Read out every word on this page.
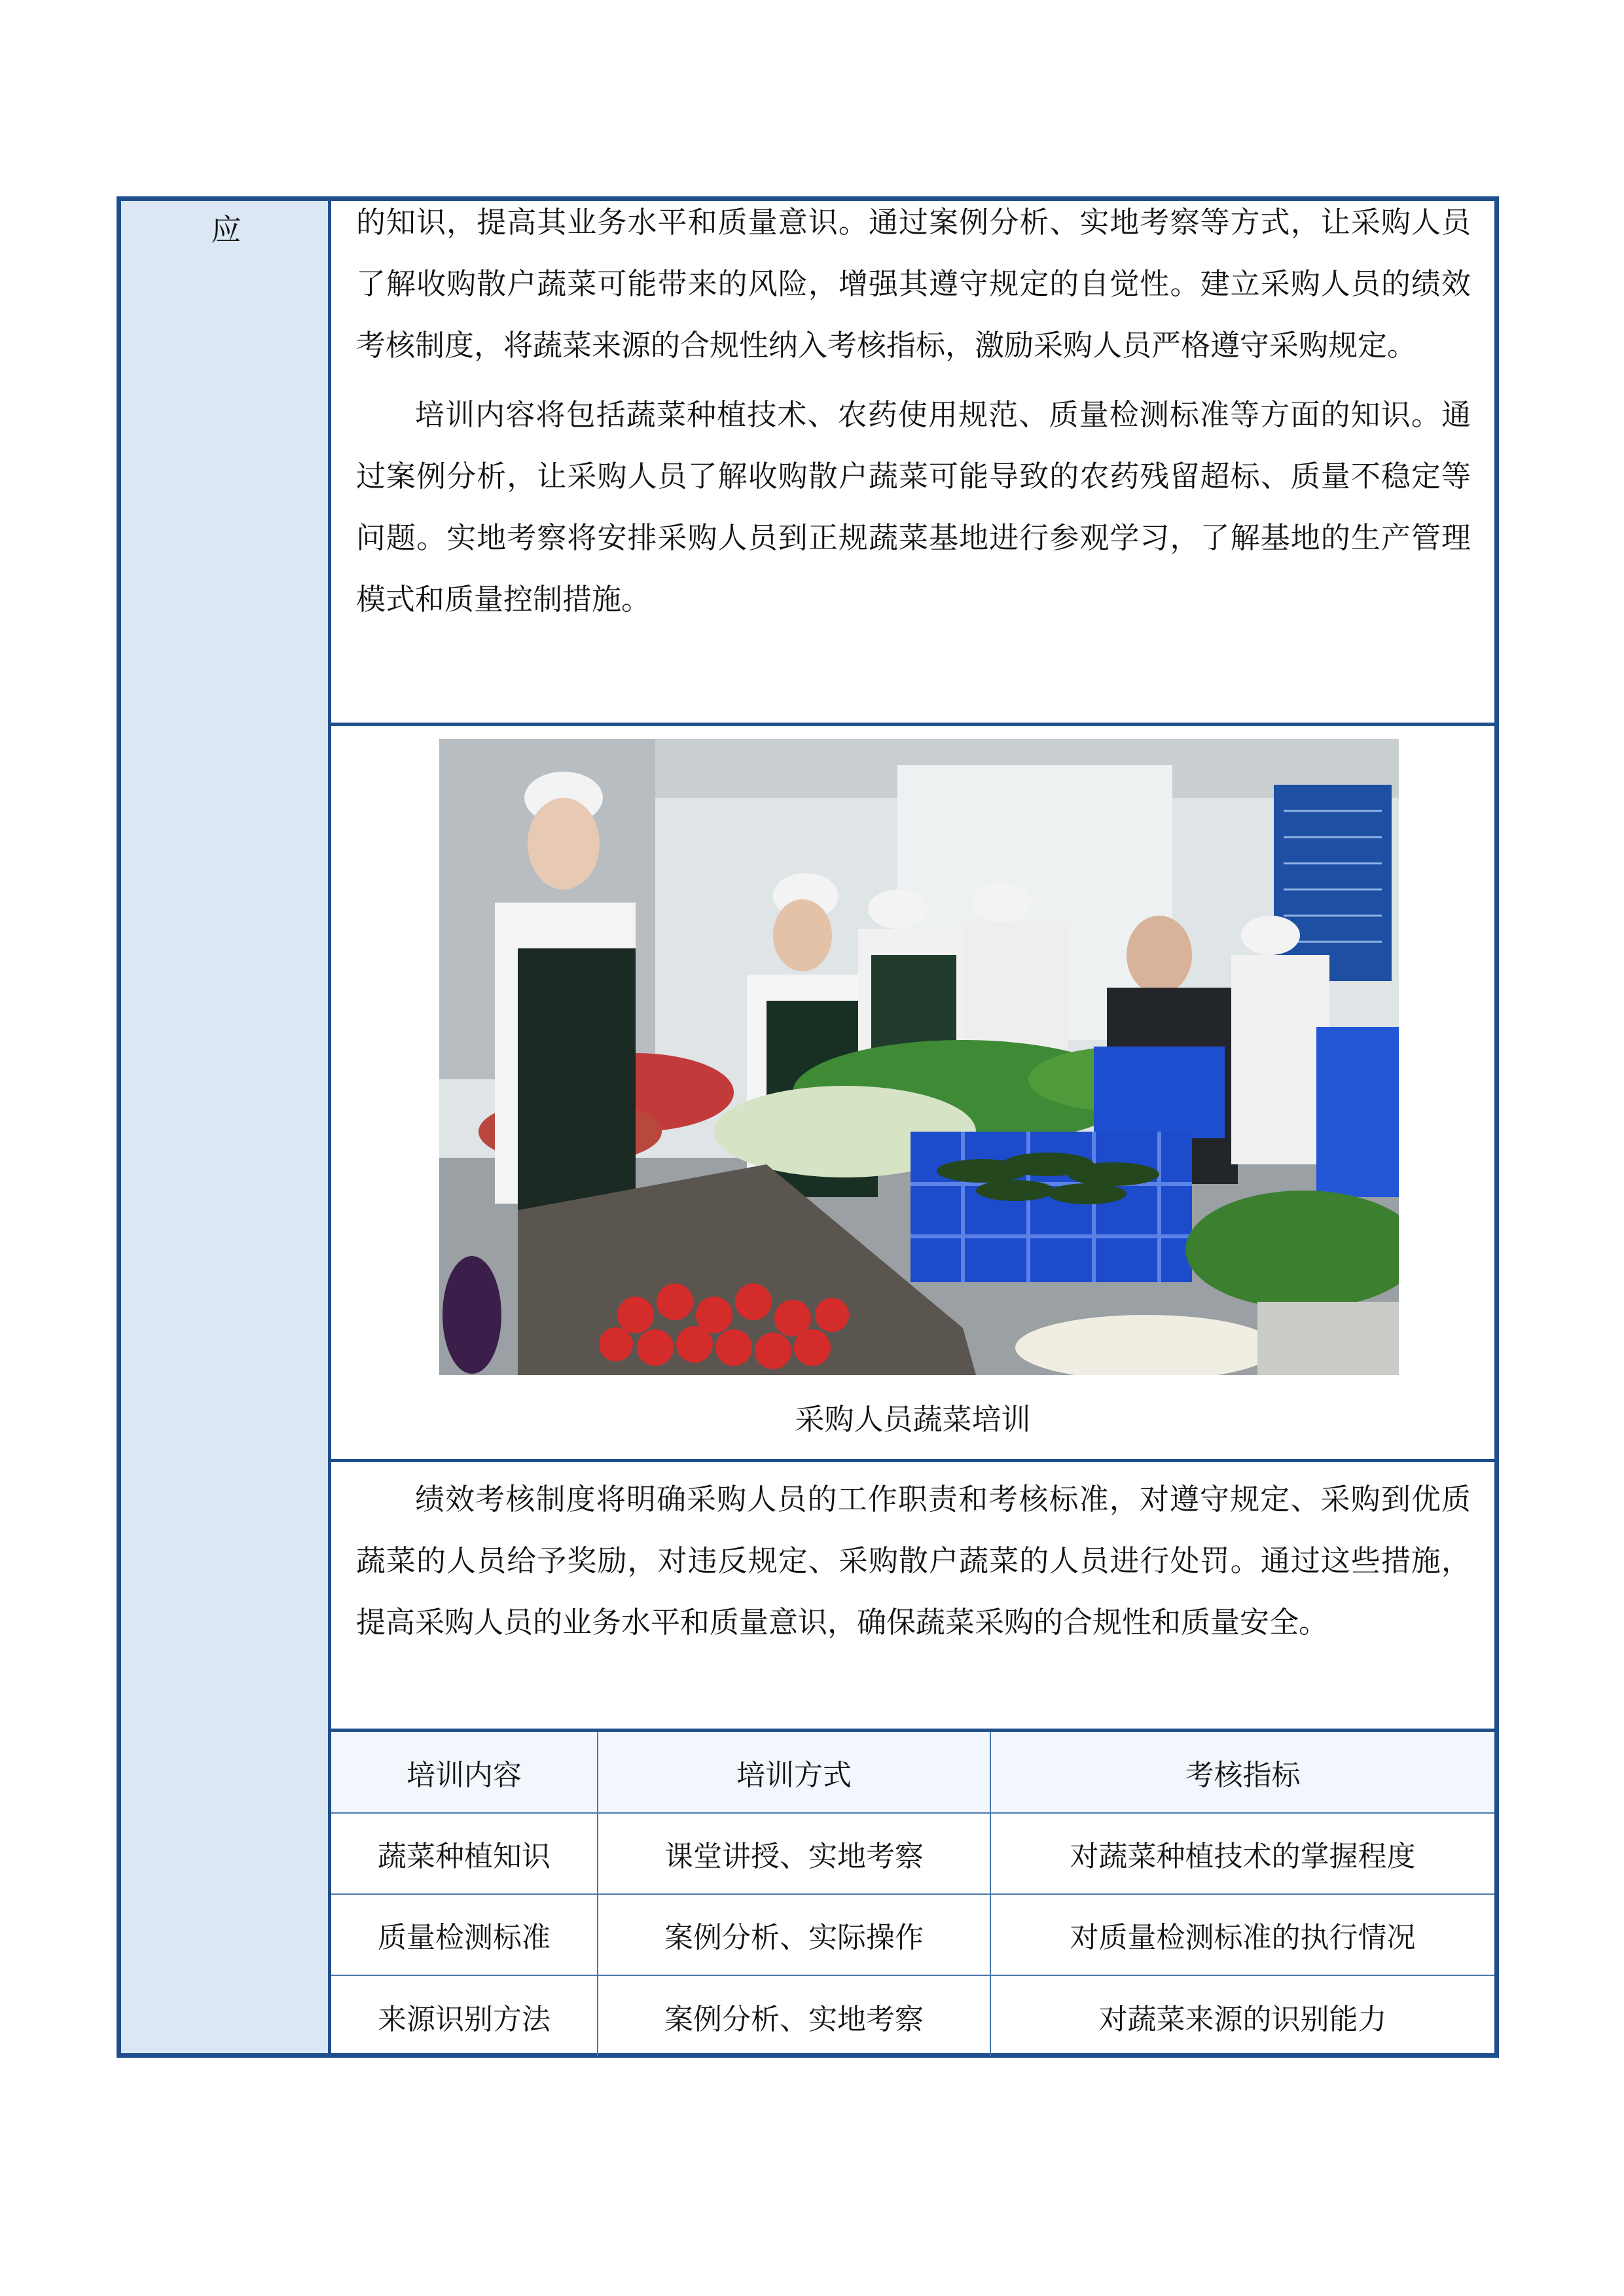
应	的知识，提高其业务水平和质量意识。通过案例分析、实地考察等方式，让采购人员了解收购散户蔬菜可能带来的风险，增强其遵守规定的自觉性。建立采购人员的绩效考核制度，将蔬菜来源的合规性纳入考核指标，激励采购人员严格遵守采购规定。

培训内容将包括蔬菜种植技术、农药使用规范、质量检测标准等方面的知识。通过案例分析，让采购人员了解收购散户蔬菜可能导致的农药残留超标、质量不稳定等问题。实地考察将安排采购人员到正规蔬菜基地进行参观学习，了解基地的生产管理模式和质量控制措施。

采购人员蔬菜培训

绩效考核制度将明确采购人员的工作职责和考核标准，对遵守规定、采购到优质蔬菜的人员给予奖励，对违反规定、采购散户蔬菜的人员进行处罚。通过这些措施，提高采购人员的业务水平和质量意识，确保蔬菜采购的合规性和质量安全。

培训内容	培训方式	考核指标
蔬菜种植知识	课堂讲授、实地考察	对蔬菜种植技术的掌握程度
质量检测标准	案例分析、实际操作	对质量检测标准的执行情况
来源识别方法	案例分析、实地考察	对蔬菜来源的识别能力
